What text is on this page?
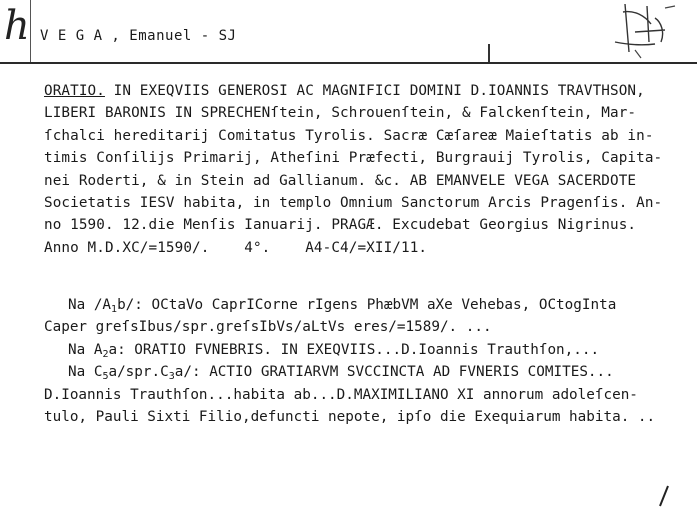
h V E G A , Emanuel - SJ
ORATIO. IN EXEQVIIS GENEROSI AC MAGNIFICI DOMINI D.IOANNIS TRAVTHSON,
LIBERI BARONIS IN SPRECHENſtein, Schrouenſtein, & Falckenſtein, Mar-
ſchalci hereditarij Comitatus Tyrolis. Sacræ Cæſareæ Maieſtatis ab in-
timis Conſilijs Primarij, Atheſini Præfecti, Burgrauij Tyrolis, Capita-
nei Roderti, & in Stein ad Gallianum. &c. AB EMANVELE VEGA SACERDOTE
Societatis IESV habita, in templo Omnium Sanctorum Arcis Pragenſis. An-
no 1590. 12.die Menſis Ianuarij. PRAGÆ. Excudebat Georgius Nigrinus.
Anno M.D.XC/=1590/.    4°.    A4-C4/=XII/11.
Na $/A_1b/$: OCtaVo CaprICorne rIgens PhæbVM aXe Vehebas, OCtogInta
Caper greſsIbus/spr.greſsIbVs/aLtVs eres/=1589/. ...
Na $A_2a$: ORATIO FVNEBRIS. IN EXEQVIIS...D.Ioannis Trauthſon,...
Na $C_5a/spr.C_3a/$: ACTIO GRATIARVM SVCCINCTA AD FVNERIS COMITES...
D.Ioannis Trauthſon...habita ab...D.MAXIMILIANO XI annorum adoleſcen-
tulo, Pauli Sixti Filio,defuncti nepote, ipſo die Exequiarum habita. ..
